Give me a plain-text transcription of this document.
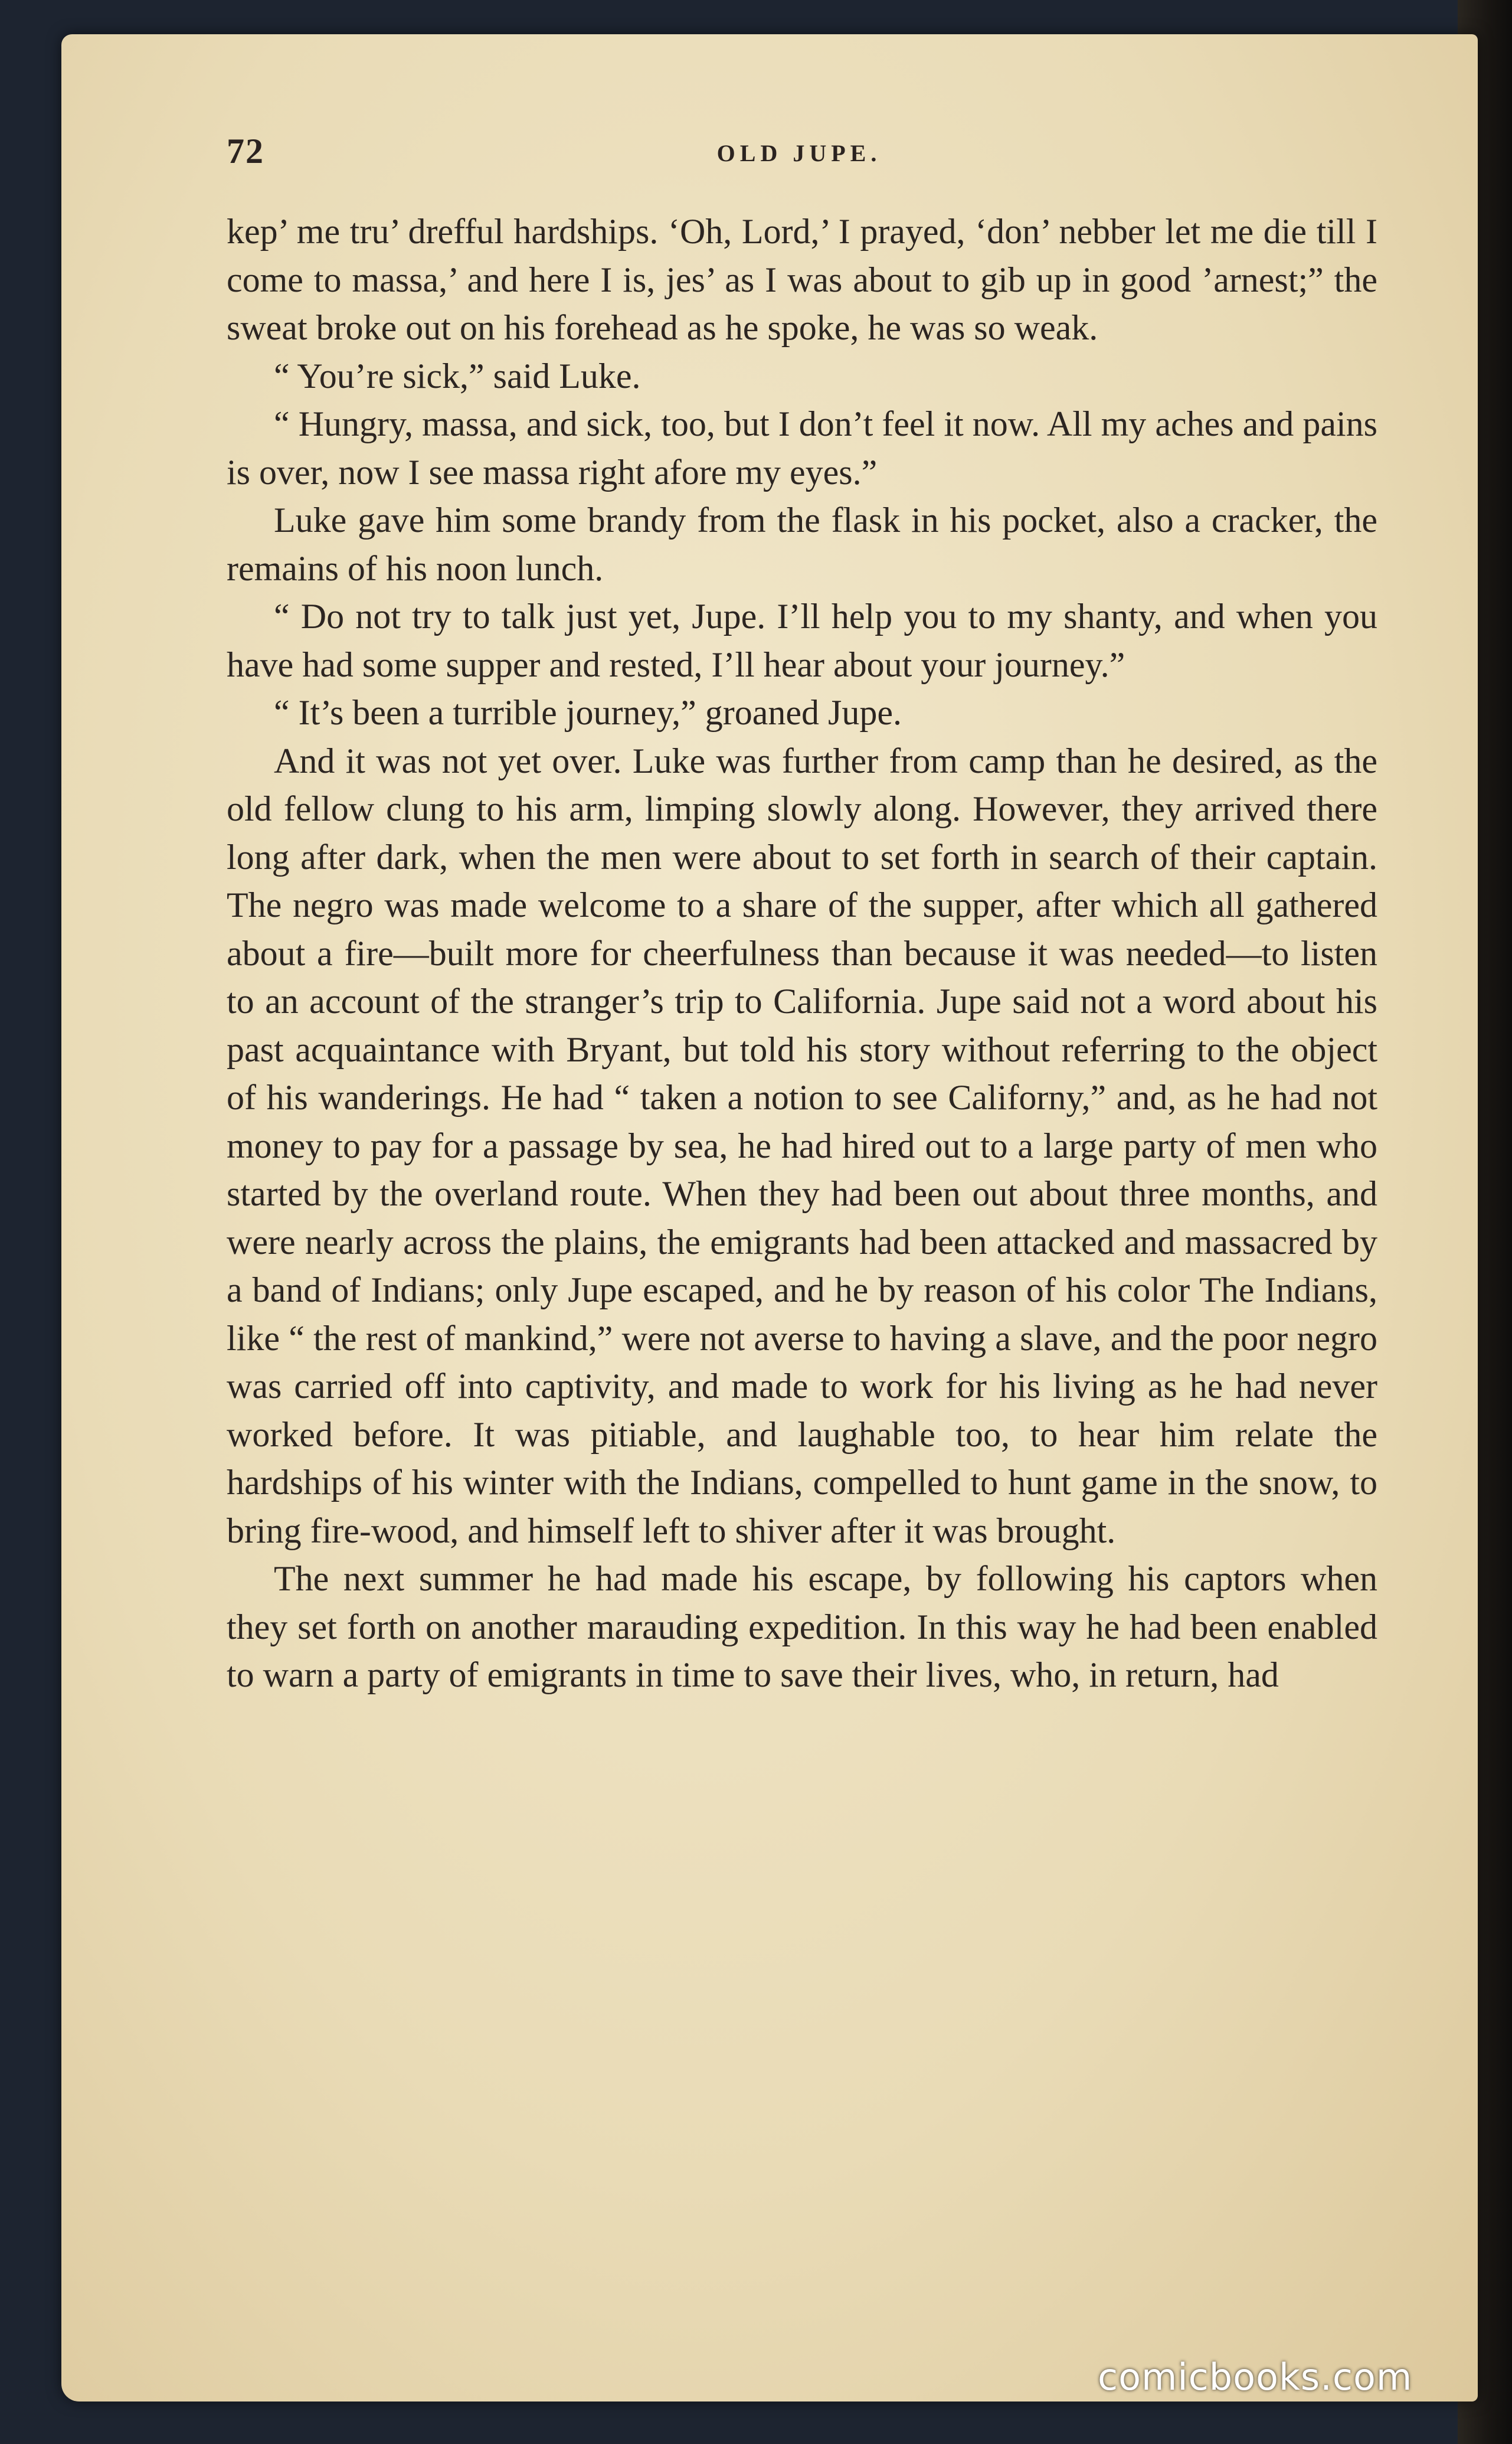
72	OLD JUPE.

kep’ me tru’ drefful hardships. ‘Oh, Lord,’ I prayed, ‘don’ nebber let me die till I come to massa,’ and here I is, jes’ as I was about to gib up in good ’arnest;” the sweat broke out on his forehead as he spoke, he was so weak.

“ You’re sick,” said Luke.

“ Hungry, massa, and sick, too, but I don’t feel it now. All my aches and pains is over, now I see massa right afore my eyes.”

Luke gave him some brandy from the flask in his pocket, also a cracker, the remains of his noon lunch.

“ Do not try to talk just yet, Jupe. I’ll help you to my shanty, and when you have had some supper and rested, I’ll hear about your journey.”

“ It’s been a turrible journey,” groaned Jupe.

And it was not yet over. Luke was further from camp than he desired, as the old fellow clung to his arm, limping slowly along. However, they arrived there long after dark, when the men were about to set forth in search of their captain. The negro was made welcome to a share of the supper, after which all gathered about a fire—built more for cheerfulness than because it was needed—to listen to an account of the stranger’s trip to California. Jupe said not a word about his past acquaintance with Bryant, but told his story without referring to the object of his wanderings. He had “ taken a notion to see Californy,” and, as he had not money to pay for a passage by sea, he had hired out to a large party of men who started by the overland route. When they had been out about three months, and were nearly across the plains, the emigrants had been attacked and massacred by a band of Indians; only Jupe escaped, and he by reason of his color The Indians, like “ the rest of mankind,” were not averse to having a slave, and the poor negro was carried off into captivity, and made to work for his living as he had never worked before. It was pitiable, and laughable too, to hear him relate the hardships of his winter with the Indians, compelled to hunt game in the snow, to bring fire-wood, and himself left to shiver after it was brought.

The next summer he had made his escape, by following his captors when they set forth on another marauding expedition. In this way he had been enabled to warn a party of emigrants in time to save their lives, who, in return, had

comicbooks.com
